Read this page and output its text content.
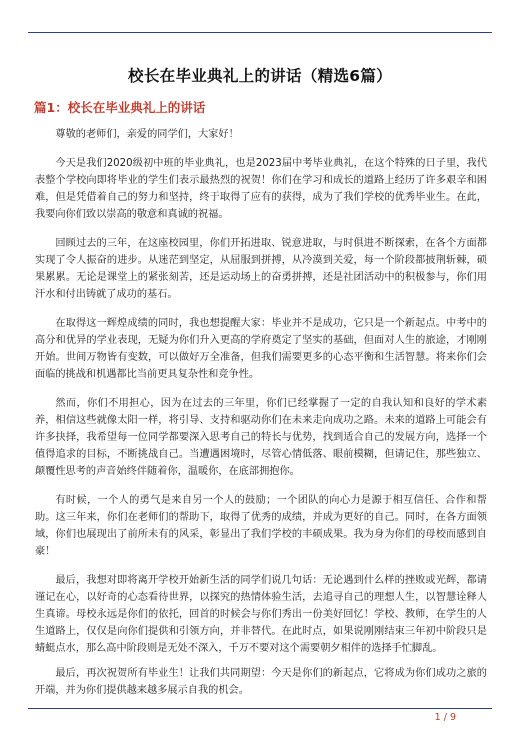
校长在毕业典礼上的讲话（精选6篇）
篇1：校长在毕业典礼上的讲话

尊敬的老师们，亲爱的同学们，大家好！

今天是我们2020级初中班的毕业典礼，也是2023届中考毕业典礼，在这个特殊的日子里，我代表整个学校向即将毕业的学生们表示最热烈的祝贺！你们在学习和成长的道路上经历了许多艰辛和困难，但是凭借着自己的努力和坚持，终于取得了应有的获得，成为了我们学校的优秀毕业生。在此，我要向你们致以崇高的敬意和真诚的祝福。

回顾过去的三年，在这座校园里，你们开拓进取、锐意进取，与时俱进不断探索，在各个方面都实现了令人振奋的进步。从迷茫到坚定，从屈服到拼搏，从冷漠到关爱，每一个阶段都披荆斩棘，硕果累累。无论是课堂上的紧张刻苦，还是运动场上的奋勇拼搏，还是社团活动中的积极参与，你们用汗水和付出铸就了成功的基石。

在取得这一辉煌成绩的同时，我也想提醒大家：毕业并不是成功，它只是一个新起点。中考中的高分和优异的学业表现，无疑为你们升入更高的学府奠定了坚实的基础，但面对人生的旅途，才刚刚开始。世间万物皆有变数，可以做好万全准备，但我们需要更多的心态平衡和生活智慧。将来你们会面临的挑战和机遇都比当前更具复杂性和竞争性。

然而，你们不用担心，因为在过去的三年里，你们已经掌握了一定的自我认知和良好的学术素养，相信这些就像太阳一样，将引导、支持和驱动你们在未来走向成功之路。未来的道路上可能会有许多抉择，我希望每一位同学都要深入思考自己的特长与优势，找到适合自己的发展方向，选择一个值得追求的目标，不断挑战自己。当遭遇困境时，尽管心情低落、眼前模糊，但请记住，那些独立、颠覆性思考的声音始终伴随着你，温暖你，在底部拥抱你。

有时候，一个人的勇气是来自另一个人的鼓励；一个团队的向心力是源于相互信任、合作和帮助。这三年来，你们在老师们的帮助下，取得了优秀的成绩，并成为更好的自己。同时，在各方面领域，你们也展现出了前所未有的风采，彰显出了我们学校的丰硕成果。我为身为你们的母校而感到自豪！

最后，我想对即将离开学校开始新生活的同学们说几句话：无论遇到什么样的挫败或光辉，都请谨记在心，以好奇的心态看待世界，以探究的热情体验生活，去追寻自己的理想人生，以智慧诠释人生真谛。母校永远是你们的依托，回首的时候会与你们秀出一份美好回忆！学校、教师，在学生的人生道路上，仅仅是向你们提供和引领方向，并非替代。在此时点，如果说刚刚结束三年初中阶段只是蜻蜓点水，那么高中阶段则是无处不深入，千万不要对这个需要朝夕相伴的选择手忙脚乱。

最后，再次祝贺所有毕业生！让我们共同期望：今天是你们的新起点，它将成为你们成功之旅的开端，并为你们提供越来越多展示自我的机会。

1 / 9
